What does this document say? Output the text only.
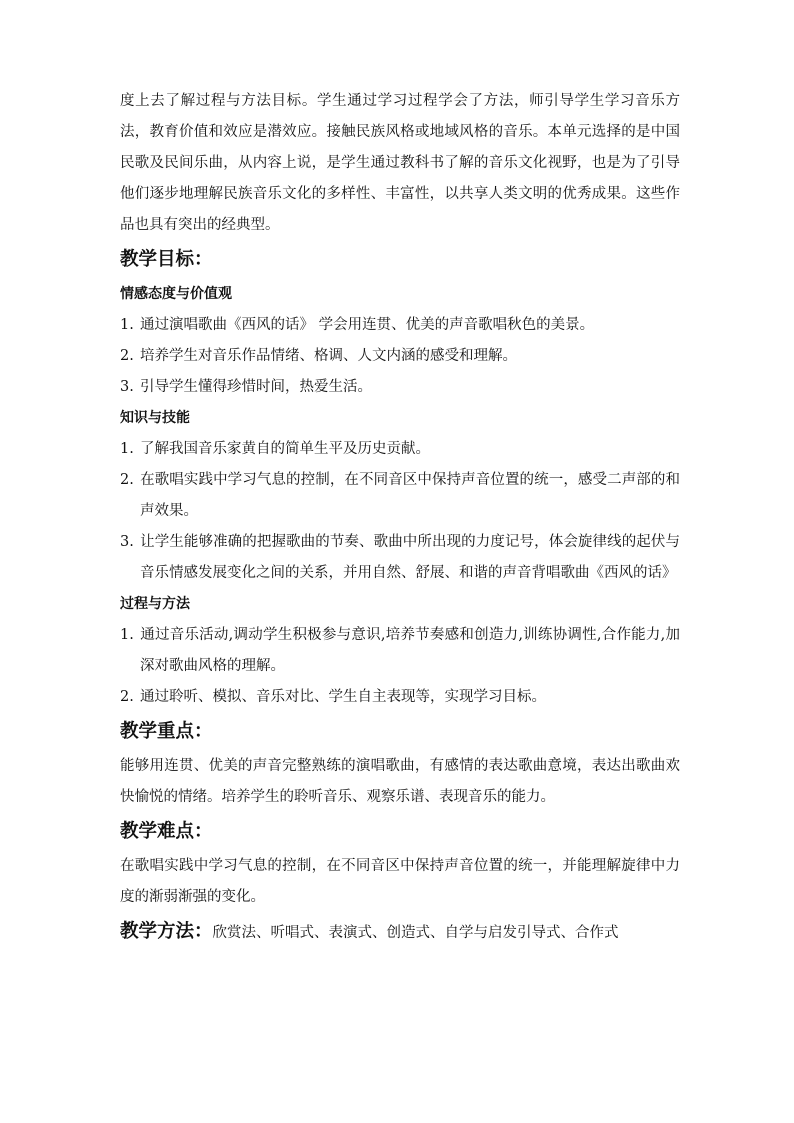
度上去了解过程与方法目标。学生通过学习过程学会了方法，师引导学生学习音乐方法，教育价值和效应是潜效应。接触民族风格或地域风格的音乐。本单元选择的是中国民歌及民间乐曲，从内容上说，是学生通过教科书了解的音乐文化视野，也是为了引导他们逐步地理解民族音乐文化的多样性、丰富性，以共享人类文明的优秀成果。这些作品也具有突出的经典型。

教学目标：
情感态度与价值观

1. 通过演唱歌曲《西风的话》 学会用连贯、优美的声音歌唱秋色的美景。

2. 培养学生对音乐作品情绪、格调、人文内涵的感受和理解。

3. 引导学生懂得珍惜时间，热爱生活。

知识与技能

1. 了解我国音乐家黄自的简单生平及历史贡献。

2. 在歌唱实践中学习气息的控制，在不同音区中保持声音位置的统一，感受二声部的和声效果。

3. 让学生能够准确的把握歌曲的节奏、歌曲中所出现的力度记号，体会旋律线的起伏与音乐情感发展变化之间的关系，并用自然、舒展、和谐的声音背唱歌曲《西风的话》

过程与方法

1. 通过音乐活动,调动学生积极参与意识,培养节奏感和创造力,训练协调性,合作能力,加深对歌曲风格的理解。

2. 通过聆听、模拟、音乐对比、学生自主表现等，实现学习目标。

教学重点：

能够用连贯、优美的声音完整熟练的演唱歌曲，有感情的表达歌曲意境，表达出歌曲欢快愉悦的情绪。培养学生的聆听音乐、观察乐谱、表现音乐的能力。

教学难点：

在歌唱实践中学习气息的控制，在不同音区中保持声音位置的统一，并能理解旋律中力度的渐弱渐强的变化。

教学方法：欣赏法、听唱式、表演式、创造式、自学与启发引导式、合作式
